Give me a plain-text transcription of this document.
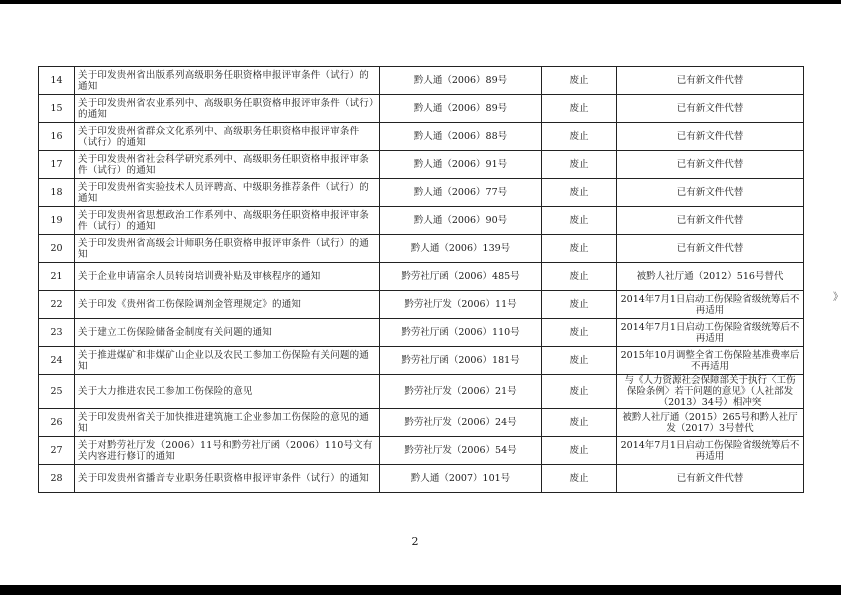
14	关于印发贵州省出版系列高级职务任职资格申报评审条件（试行）的通知	黔人通（2006）89号	废止	已有新文件代替
15	关于印发贵州省农业系列中、高级职务任职资格申报评审条件（试行）的通知	黔人通（2006）89号	废止	已有新文件代替
16	关于印发贵州省群众文化系列中、高级职务任职资格申报评审条件（试行）的通知	黔人通（2006）88号	废止	已有新文件代替
17	关于印发贵州省社会科学研究系列中、高级职务任职资格申报评审条件（试行）的通知	黔人通（2006）91号	废止	已有新文件代替
18	关于印发贵州省实验技术人员评聘高、中级职务推荐条件（试行）的通知	黔人通（2006）77号	废止	已有新文件代替
19	关于印发贵州省思想政治工作系列中、高级职务任职资格申报评审条件（试行）的通知	黔人通（2006）90号	废止	已有新文件代替
20	关于印发贵州省高级会计师职务任职资格申报评审条件（试行）的通知	黔人通（2006）139号	废止	已有新文件代替
21	关于企业申请富余人员转岗培训费补贴及审核程序的通知	黔劳社厅函（2006）485号	废止	被黔人社厅通（2012）516号替代
22	关于印发《贵州省工伤保险调剂金管理规定》的通知	黔劳社厅发（2006）11号	废止	2014年7月1日启动工伤保险省级统筹后不再适用
23	关于建立工伤保险储备金制度有关问题的通知	黔劳社厅函（2006）110号	废止	2014年7月1日启动工伤保险省级统筹后不再适用
24	关于推进煤矿和非煤矿山企业以及农民工参加工伤保险有关问题的通知	黔劳社厅函（2006）181号	废止	2015年10月调整全省工伤保险基准费率后不再适用
25	关于大力推进农民工参加工伤保险的意见	黔劳社厅发（2006）21号	废止	与《人力资源社会保障部关于执行〈工伤保险条例〉若干问题的意见》（人社部发（2013）34号）相冲突
26	关于印发贵州省关于加快推进建筑施工企业参加工伤保险的意见的通知	黔劳社厅发（2006）24号	废止	被黔人社厅通（2015）265号和黔人社厅发（2017）3号替代
27	关于对黔劳社厅发（2006）11号和黔劳社厅函（2006）110号文有关内容进行修订的通知	黔劳社厅发（2006）54号	废止	2014年7月1日启动工伤保险省级统筹后不再适用
28	关于印发贵州省播音专业职务任职资格申报评审条件（试行）的通知	黔人通（2007）101号	废止	已有新文件代替
2
》
